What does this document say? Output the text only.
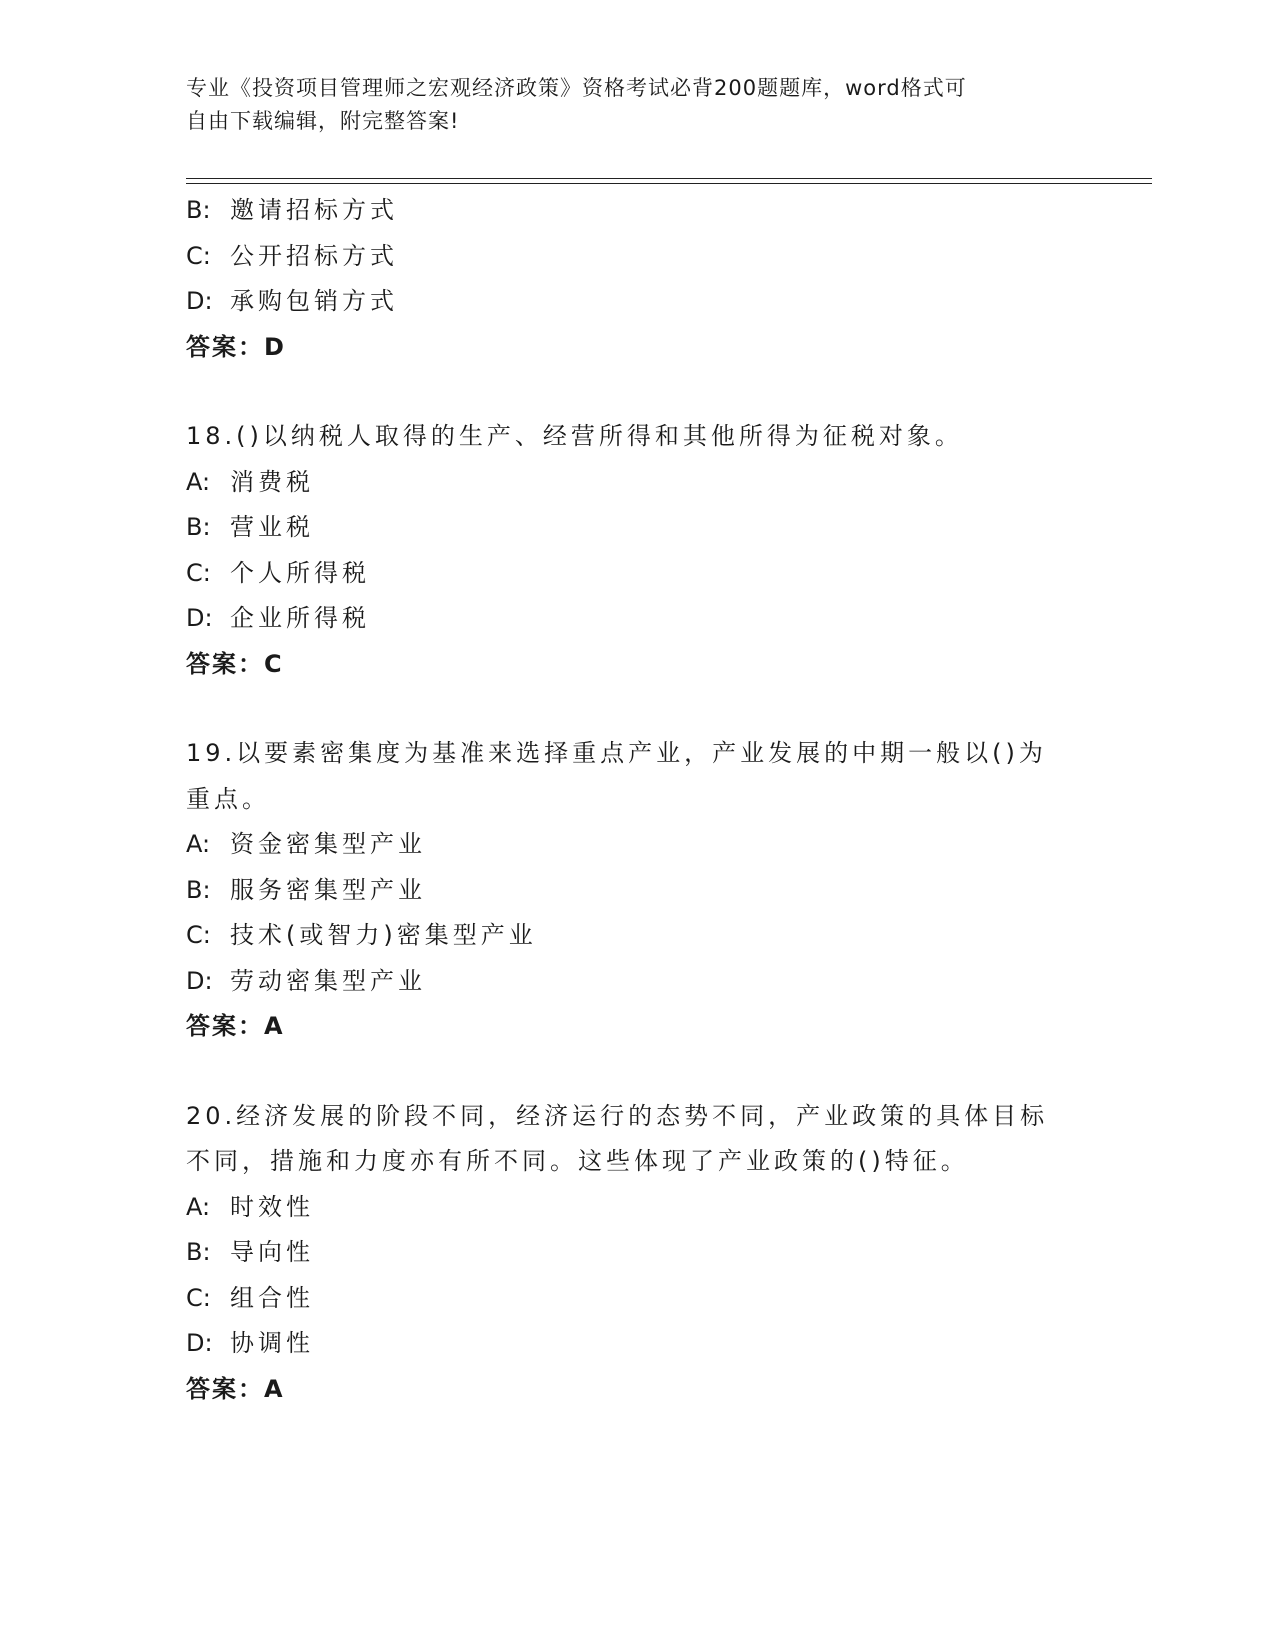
专业《投资项目管理师之宏观经济政策》资格考试必背200题题库，word格式可
自由下载编辑，附完整答案!
B: 邀请招标方式
C: 公开招标方式
D: 承购包销方式
答案：D
18.()以纳税人取得的生产、经营所得和其他所得为征税对象。
A: 消费税
B: 营业税
C: 个人所得税
D: 企业所得税
答案：C
19.以要素密集度为基准来选择重点产业，产业发展的中期一般以()为重点。
A: 资金密集型产业
B: 服务密集型产业
C: 技术(或智力)密集型产业
D: 劳动密集型产业
答案：A
20.经济发展的阶段不同，经济运行的态势不同，产业政策的具体目标不同，措施和力度亦有所不同。这些体现了产业政策的()特征。
A: 时效性
B: 导向性
C: 组合性
D: 协调性
答案：A
